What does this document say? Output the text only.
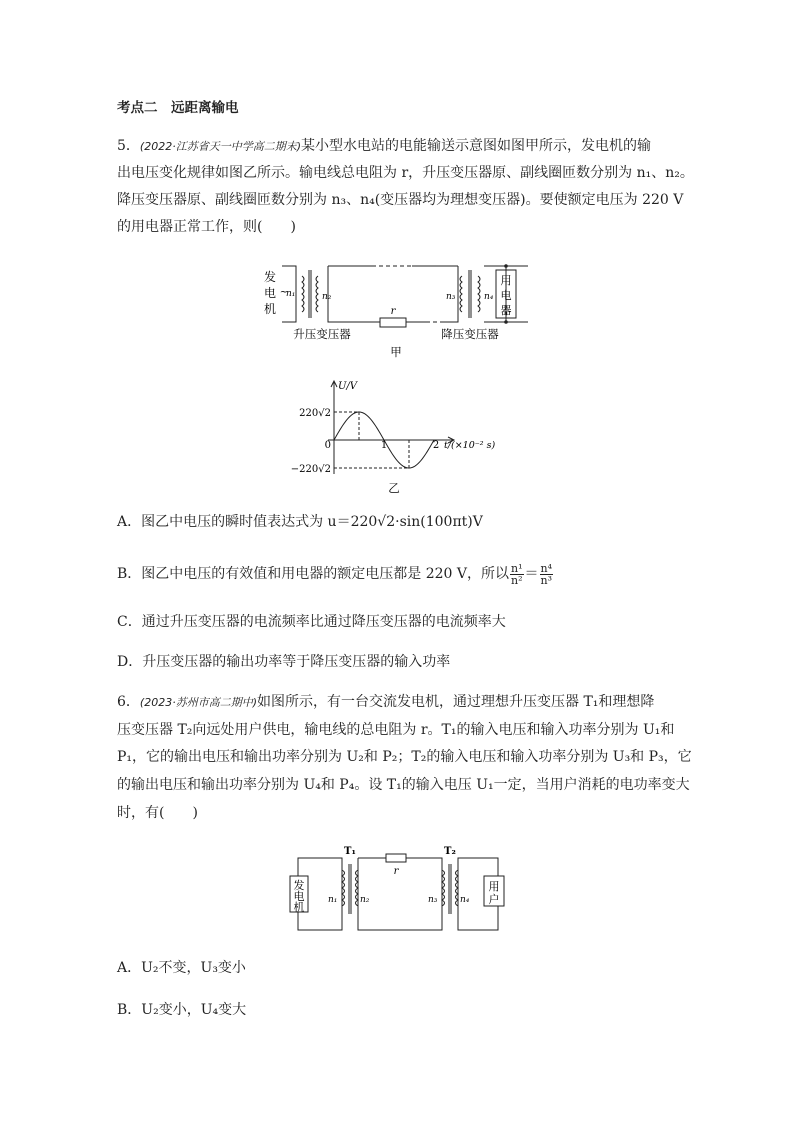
考点二　远距离输电
5．(2022·江苏省天一中学高二期末)某小型水电站的电能输送示意图如图甲所示，发电机的输
出电压变化规律如图乙所示。输电线总电阻为 r，升压变压器原、副线圈匝数分别为 n₁、n₂。
降压变压器原、副线圈匝数分别为 n₃、n₄(变压器均为理想变压器)。要使额定电压为 220 V
的用电器正常工作，则(　　)
~
发
电
机
n₁	n₂	n₃	n₄
r
用
电
器
升压变压器	降压变压器
甲
U/V
220√2
−220√2
0	1	2 t/(×10⁻² s)
乙
A．图乙中电压的瞬时值表达式为 u＝220√2·sin(100πt)V
B．图乙中电压的有效值和用电器的额定电压都是 220 V，所以 $\frac{\text{n¹}}{\text{n²}} = \frac{\text{n⁴}}{\text{n³}}$
C．通过升压变压器的电流频率比通过降压变压器的电流频率大
D．升压变压器的输出功率等于降压变压器的输入功率
6．(2023·苏州市高二期中)如图所示，有一台交流发电机，通过理想升压变压器 T₁和理想降
压变压器 T₂向远处用户供电，输电线的总电阻为 r。T₁的输入电压和输入功率分别为 U₁和
P₁，它的输出电压和输出功率分别为 U₂和 P₂；T₂的输入电压和输入功率分别为 U₃和 P₃，它
的输出电压和输出功率分别为 U₄和 P₄。设 T₁的输入电压 U₁一定，当用户消耗的电功率变大
时，有(　　)
T₁	T₂
r
发
电
机
n₁	n₂	n₃	n₄
用
户
A．U₂不变，U₃变小
B．U₂变小，U₄变大
